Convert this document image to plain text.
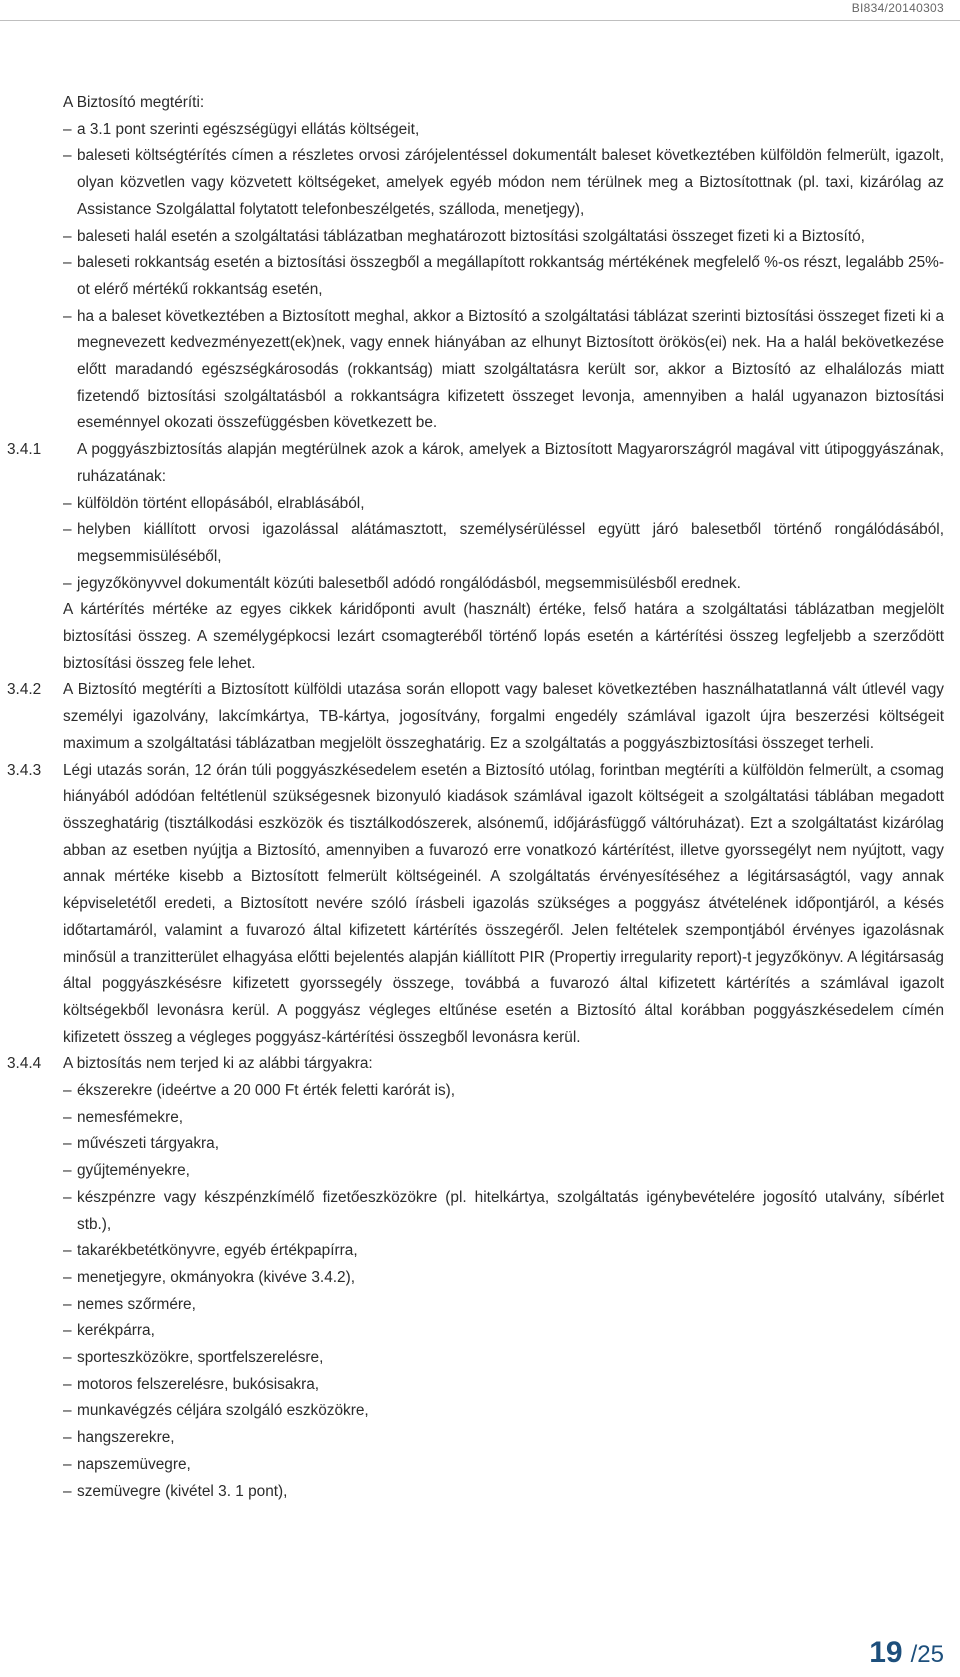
BI834/20140303

A Biztosító megtéríti:

– a 3.1 pont szerinti egészségügyi ellátás költségeit,

– baleseti költségtérítés címen a részletes orvosi zárójelentéssel dokumentált baleset következtében külföldön felmerült, igazolt, olyan közvetlen vagy közvetett költségeket, amelyek egyéb módon nem térülnek meg a Biztosítottnak (pl. taxi, kizárólag az Assistance Szolgálattal folytatott telefonbeszélgetés, szálloda, menetjegy),

– baleseti halál esetén a szolgáltatási táblázatban meghatározott biztosítási szolgáltatási összeget fizeti ki a Biztosító,

– baleseti rokkantság esetén a biztosítási összegből a megállapított rokkantság mértékének megfelelő %-os részt, legalább 25%-ot elérő mértékű rokkantság esetén,

– ha a baleset következtében a Biztosított meghal, akkor a Biztosító a szolgáltatási táblázat szerinti biztosítási összeget fizeti ki a megnevezett kedvezményezett(ek)nek, vagy ennek hiányában az elhunyt Biztosított örökös(ei) nek. Ha a halál bekövetkezése előtt maradandó egészségkárosodás (rokkantság) miatt szolgáltatásra került sor, akkor a Biztosító az elhalálozás miatt fizetendő biztosítási szolgáltatásból a rokkantságra kifizetett összeget levonja, amennyiben a halál ugyanazon biztosítási eseménnyel okozati összefüggésben következett be.

3.4.1 A poggyászbiztosítás alapján megtérülnek azok a károk, amelyek a Biztosított Magyarországról magával vitt útipoggyászának, ruházatának:

– külföldön történt ellopásából, elrablásából,

– helyben kiállított orvosi igazolással alátámasztott, személysérüléssel együtt járó balesetből történő rongálódásából, megsemmisüléséből,

– jegyzőkönyvvel dokumentált közúti balesetből adódó rongálódásból, megsemmisülésből erednek.

A kártérítés mértéke az egyes cikkek káridőponti avult (használt) értéke, felső határa a szolgáltatási táblázatban megjelölt biztosítási összeg. A személygépkocsi lezárt csomagteréből történő lopás esetén a kártérítési összeg legfeljebb a szerződött biztosítási összeg fele lehet.

3.4.2 A Biztosító megtéríti a Biztosított külföldi utazása során ellopott vagy baleset következtében használhatatlanná vált útlevél vagy személyi igazolvány, lakcímkártya, TB-kártya, jogosítvány, forgalmi engedély számlával igazolt újra beszerzési költségeit maximum a szolgáltatási táblázatban megjelölt összeghatárig. Ez a szolgáltatás a poggyászbiztosítási összeget terheli.
3.4.3 Légi utazás során, 12 órán túli poggyászkésedelem esetén a Biztosító utólag, forintban megtéríti a külföldön felmerült, a csomag hiányából adódóan feltétlenül szükségesnek bizonyuló kiadások számlával igazolt költségeit a szolgáltatási táblában megadott összeghatárig (tisztálkodási eszközök és tisztálkodószerek, alsónemű, időjárásfüggő váltóruházat). Ezt a szolgáltatást kizárólag abban az esetben nyújtja a Biztosító, amennyiben a fuvarozó erre vonatkozó kártérítést, illetve gyorssegélyt nem nyújtott, vagy annak mértéke kisebb a Biztosított felmerült költségeinél. A szolgáltatás érvényesítéséhez a légitársaságtól, vagy annak képviseletétől eredeti, a Biztosított nevére szóló írásbeli igazolás szükséges a poggyász átvételének időpontjáról, a késés időtartamáról, valamint a fuvarozó által kifizetett kártérítés összegéről. Jelen feltételek szempontjából érvényes igazolásnak minősül a tranzitterület elhagyása előtti bejelentés alapján kiállított PIR (Propertiy irregularity report)-t jegyzőkönyv. A légitársaság által poggyászkésésre kifizetett gyorssegély összege, továbbá a fuvarozó által kifizetett kártérítés a számlával igazolt költségekből levonásra kerül. A poggyász végleges eltűnése esetén a Biztosító által korábban poggyászkésedelem címén kifizetett összeg a végleges poggyász-kártérítési összegből levonásra kerül.
3.4.4 A biztosítás nem terjed ki az alábbi tárgyakra:

– ékszerekre (ideértve a 20 000 Ft érték feletti karórát is),

– nemesfémekre,

– művészeti tárgyakra,

– gyűjteményekre,

– készpénzre vagy készpénzkímélő fizetőeszközökre (pl. hitelkártya, szolgáltatás igénybevételére jogosító utalvány, síbérlet stb.),

– takarékbetétkönyvre, egyéb értékpapírra,

– menetjegyre, okmányokra (kivéve 3.4.2),

– nemes szőrmére,

– kerékpárra,

– sporteszközökre, sportfelszerelésre,

– motoros felszerelésre, bukósisakra,

– munkavégzés céljára szolgáló eszközökre,

– hangszerekre,

– napszemüvegre,

– szemüvegre (kivétel 3. 1 pont),

19 /25
